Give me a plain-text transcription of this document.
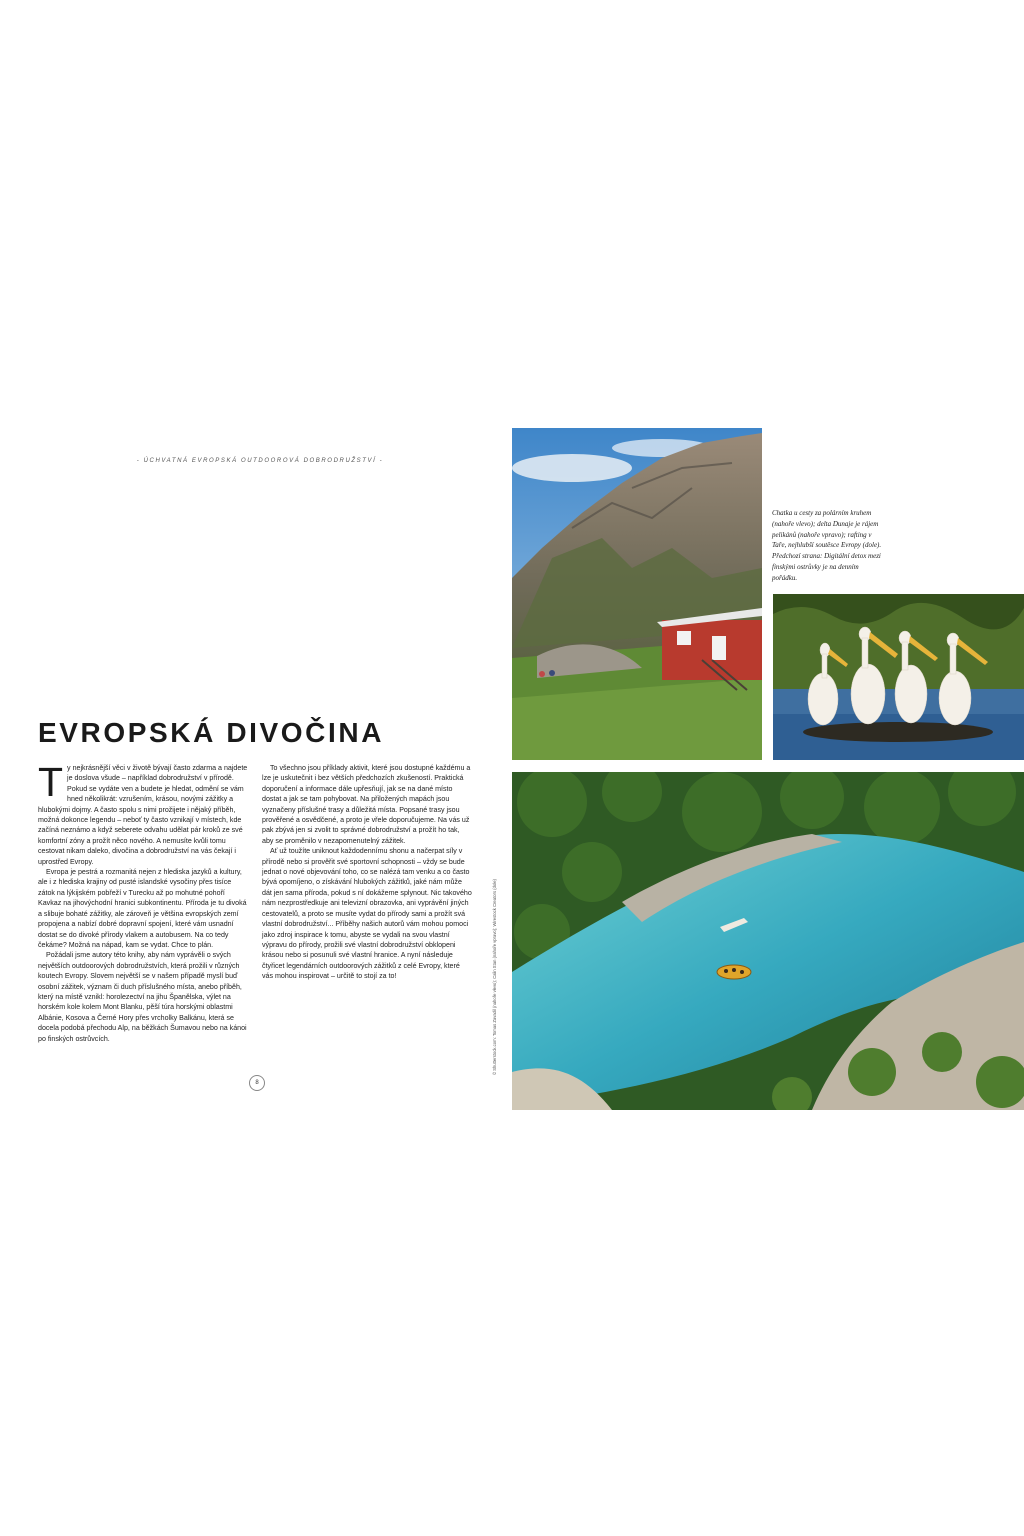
- ÚCHVATNÁ EVROPSKÁ OUTDOOROVÁ DOBRODRUŽSTVÍ -
EVROPSKÁ DIVOČINA

Ty nejkrásnější věci v životě bývají často zdarma a najdete je doslova všude – například dobrodružství v přírodě. Pokud se vydáte ven a budete je hledat, odmění se vám hned několikrát: vzrušením, krásou, novými zážitky a hlubokými dojmy. A často spolu s nimi prožijete i nějaký příběh, možná dokonce legendu – neboť ty často vznikají v místech, kde začíná neznámo a když seberete odvahu udělat pár kroků ze své komfortní zóny a prožít něco nového. A nemusíte kvůli tomu cestovat nikam daleko, divočina a dobrodružství na vás čekají i uprostřed Evropy.

Evropa je pestrá a rozmanitá nejen z hlediska jazyků a kultury, ale i z hlediska krajiny od pusté islandské vysočiny přes tisíce zátok na lýkijském pobřeží v Turecku až po mohutné pohoří Kavkaz na jihovýchodní hranici subkontinentu. Příroda je tu divoká a slibuje bohaté zážitky, ale zároveň je většina evropských zemí propojena a nabízí dobré dopravní spojení, které vám usnadní dostat se do divoké přírody vlakem a autobusem. Na co tedy čekáme? Možná na nápad, kam se vydat. Chce to plán.

Požádali jsme autory této knihy, aby nám vyprávěli o svých největších outdoorových dobrodružstvích, která prožili v různých koutech Evropy. Slovem největší se v našem případě myslí buď osobní zážitek, význam či duch příslušného místa, anebo příběh, který na místě vznikl: horolezectví na jihu Španělska, výlet na horském kole kolem Mont Blanku, pěší túra horskými oblastmi Albánie, Kosova a Černé Hory přes vrcholky Balkánu, která se docela podobá přechodu Alp, na běžkách Šumavou nebo na kánoi po finských ostrůvcích.

To všechno jsou příklady aktivit, které jsou dostupné každému a lze je uskutečnit i bez větších předchozích zkušeností. Praktická doporučení a informace dále upřesňují, jak se na dané místo dostat a jak se tam pohybovat. Na přiložených mapách jsou vyznačeny příslušné trasy a důležitá místa. Popsané trasy jsou prověřené a osvědčené, a proto je vřele doporučujeme. Na vás už pak zbývá jen si zvolit to správné dobrodružství a prožít ho tak, aby se proměnilo v nezapomenutelný zážitek.

Ať už toužíte uniknout každodennímu shonu a načerpat síly v přírodě nebo si prověřit své sportovní schopnosti – vždy se bude jednat o nové objevování toho, co se nalézá tam venku a co často bývá opomíjeno, o získávání hlubokých zážitků, jaké nám může dát jen sama příroda, pokud s ní dokážeme splynout. Nic takového nám nezprostředkuje ani televizní obrazovka, ani vyprávění jiných cestovatelů, a proto se musíte vydat do přírody sami a prožít svá vlastní dobrodružství... Příběhy našich autorů vám mohou pomoci jako zdroj inspirace k tomu, abyste se vydali na svou vlastní výpravu do přírody, prožili své vlastní dobrodružství obklopeni krásou nebo si posunuli své vlastní hranice. A nyní následuje čtyřicet legendárních outdoorových zážitků z celé Evropy, které vás mohou inspirovat – určitě to stojí za to!

8
© Shutterstock.com: Tomas Zavadil (nahoře vlevo); Calin Stan (nahoře vpravo); Wirestock Creators (dole)
Chatka u cesty za polárním kruhem (nahoře vlevo); delta Dunaje je rájem pelikánů (nahoře vpravo); rafting v Taře, nejhlubší soutěsce Evropy (dole). Předchozí strana: Digitální detox mezi finskými ostrůvky je na denním pořádku.
